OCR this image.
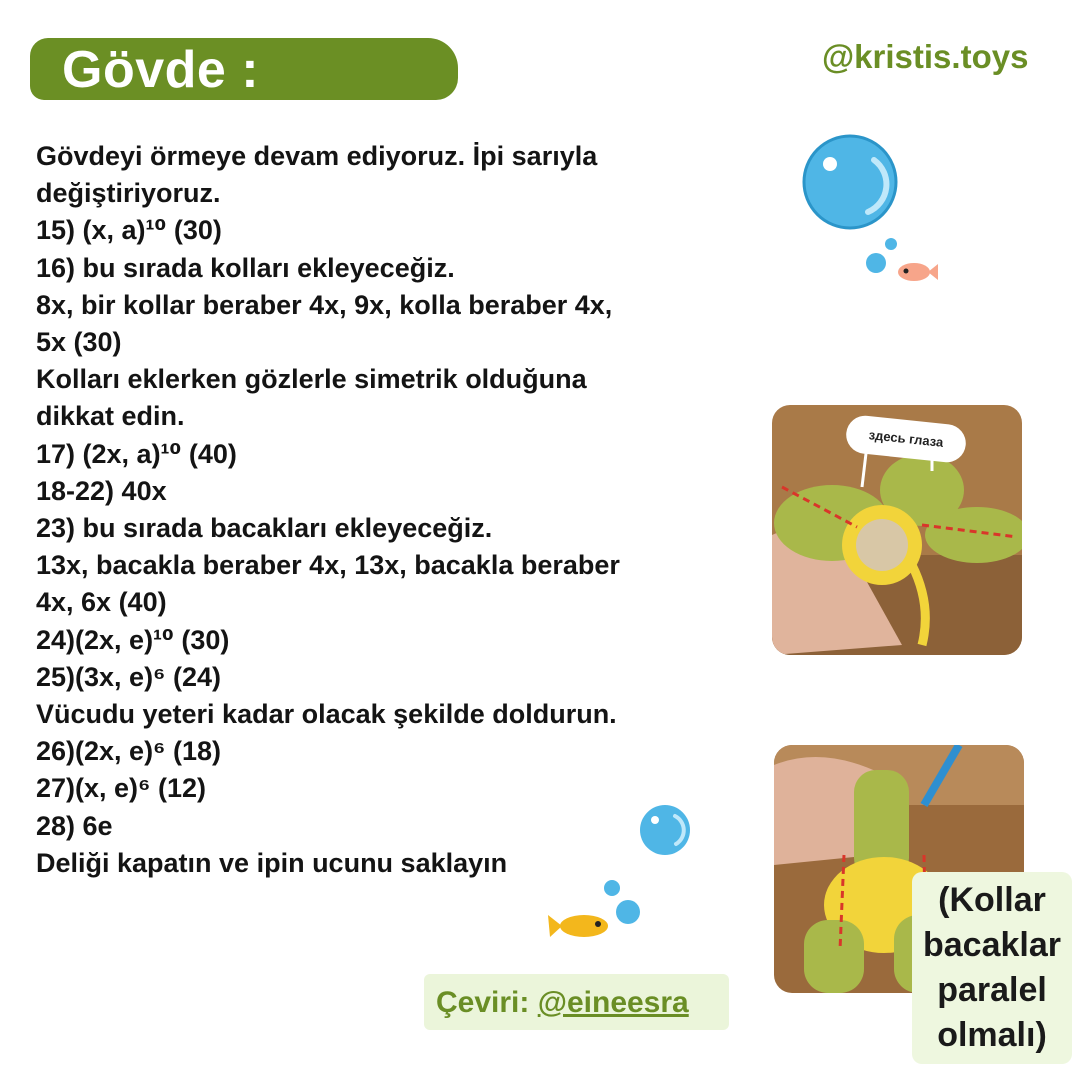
Gövde :	@kristis.toys
Gövdeyi örmeye devam ediyoruz. İpi sarıyla
değiştiriyoruz.
15) (x, a)¹⁰ (30)
16) bu sırada kolları ekleyeceğiz.
8x, bir kollar beraber 4x, 9x, kolla beraber 4x,
5x (30)
Kolları eklerken gözlerle simetrik olduğuna
dikkat edin.
17) (2x, a)¹⁰ (40)
18-22) 40x
23) bu sırada bacakları ekleyeceğiz.
13x, bacakla beraber 4x, 13x, bacakla beraber
4x, 6x (40)
24)(2x, e)¹⁰ (30)
25)(3x, e)⁶ (24)
Vücudu yeteri kadar olacak şekilde doldurun.
26)(2x, e)⁶ (18)
27)(x, e)⁶ (12)
28) 6e
Deliği kapatın ve ipin ucunu saklayın
здесь глаза
Çeviri: @eineesra
(Kollar
bacaklar
paralel
olmalı)
